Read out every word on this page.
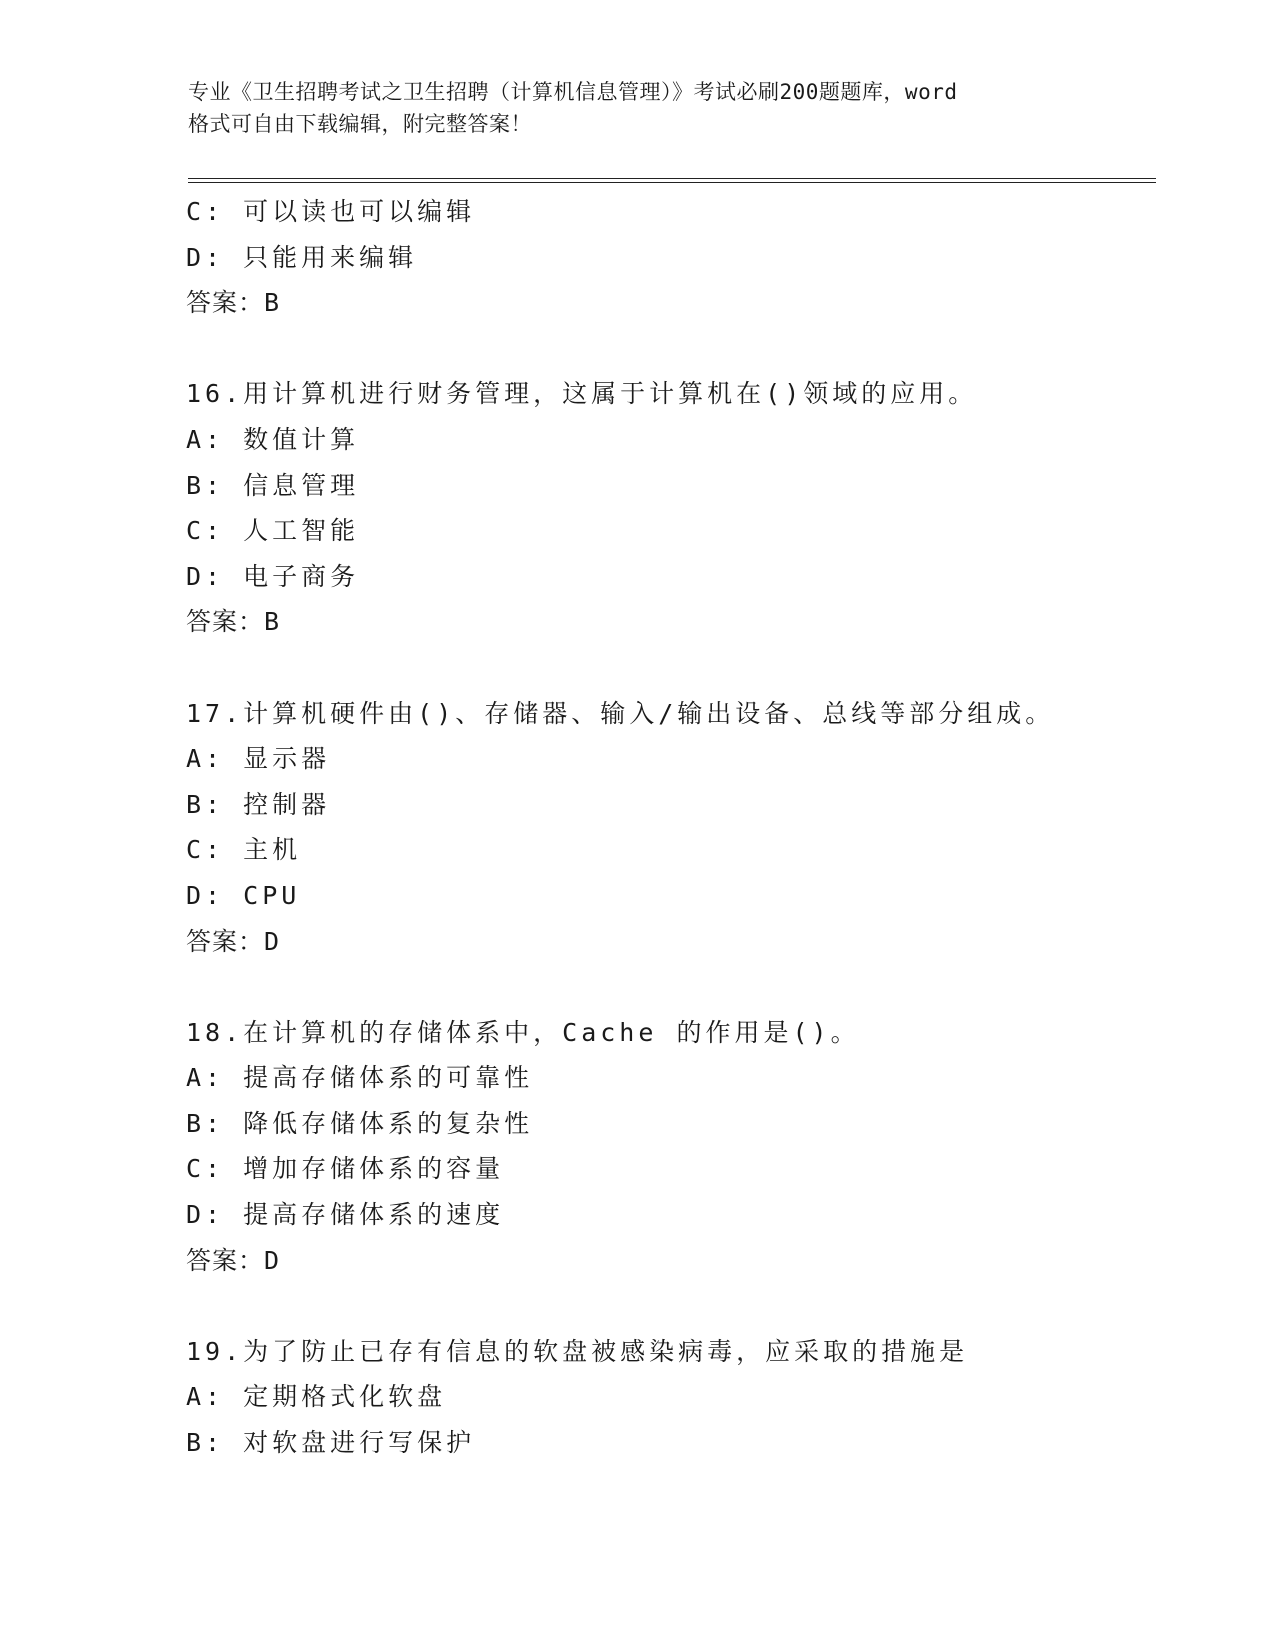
专业《卫生招聘考试之卫生招聘（计算机信息管理）》考试必刷200题题库，word
格式可自由下载编辑，附完整答案！
C: 可以读也可以编辑
D: 只能用来编辑
答案：B
16.用计算机进行财务管理，这属于计算机在()领域的应用。
A: 数值计算
B: 信息管理
C: 人工智能
D: 电子商务
答案：B
17.计算机硬件由()、存储器、输入/输出设备、总线等部分组成。
A: 显示器
B: 控制器
C: 主机
D: CPU
答案：D
18.在计算机的存储体系中，Cache 的作用是()。
A: 提高存储体系的可靠性
B: 降低存储体系的复杂性
C: 增加存储体系的容量
D: 提高存储体系的速度
答案：D
19.为了防止已存有信息的软盘被感染病毒，应采取的措施是
A: 定期格式化软盘
B: 对软盘进行写保护
